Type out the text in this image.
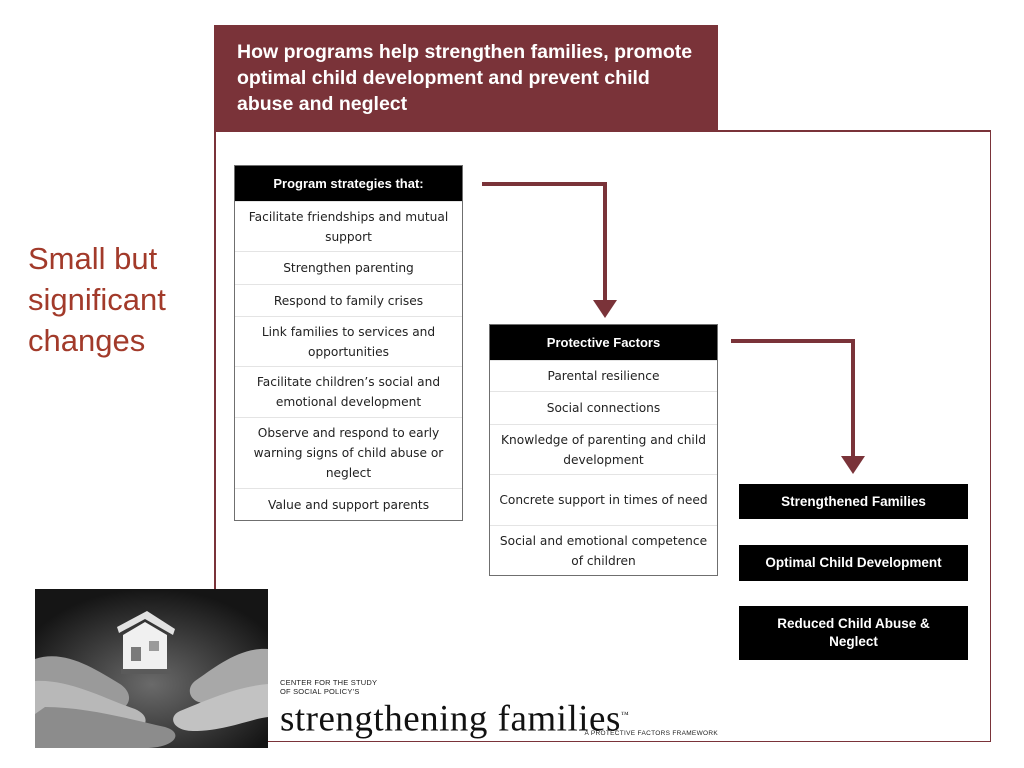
Small but significant changes
How programs help strengthen families, promote optimal child development and prevent child abuse and neglect
Program strategies that:
Facilitate friendships and mutual support
Strengthen parenting
Respond to family crises
Link families to services and opportunities
Facilitate children’s social and emotional development
Observe and respond to early warning signs of child abuse or neglect
Value and support parents
Protective Factors
Parental resilience
Social connections
Knowledge of parenting and child development
Concrete support in times of need
Social and emotional competence of children
Strengthened Families
Optimal Child Development
Reduced Child Abuse & Neglect
CENTER FOR THE STUDY
OF SOCIAL POLICY’S
strengthening families™
A PROTECTIVE FACTORS FRAMEWORK
